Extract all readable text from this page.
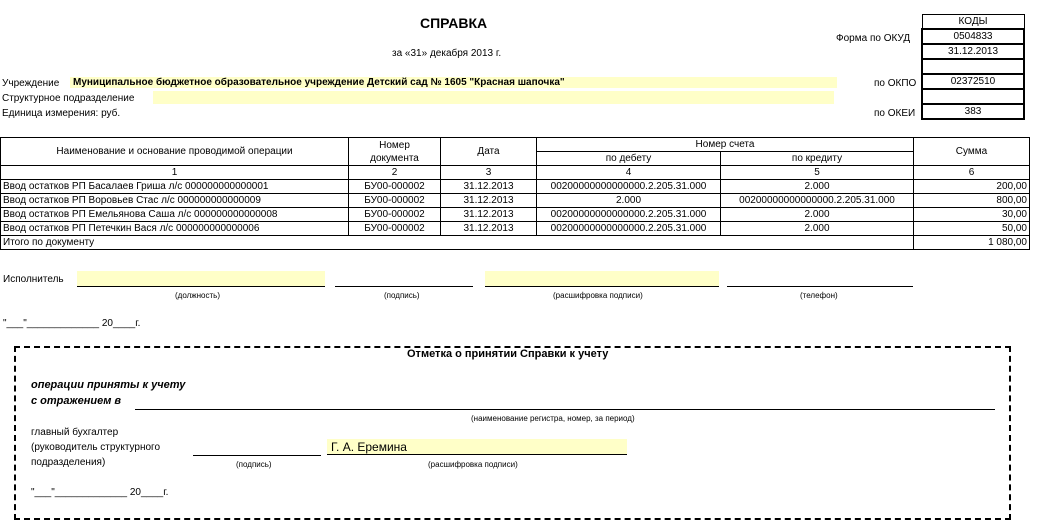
СПРАВКА
за «31» декабря 2013 г.
Форма по ОКУД
по ОКПО
по ОКЕИ
КОДЫ
0504833
31.12.2013

02372510

383
Учреждение	Муниципальное бюджетное образовательное учреждение Детский сад № 1605 "Красная шапочка"
Структурное подразделение
Единица измерения: руб.
Наименование и основание проводимой операции	Номер
документа	Дата	Номер счета		Сумма
			по дебету	по кредиту	
1	2	3	4	5	6
Ввод остатков РП Басалаев Гриша л/с 000000000000001	БУ00-000002	31.12.2013	00200000000000000.2.205.31.000	2.000	200,00
Ввод остатков РП Воровьев Стас л/с 000000000000009	БУ00-000002	31.12.2013	2.000	00200000000000000.2.205.31.000	800,00
Ввод остатков РП Емельянова Саша л/с 000000000000008	БУ00-000002	31.12.2013	00200000000000000.2.205.31.000	2.000	30,00
Ввод остатков РП Петечкин Вася л/с 000000000000006	БУ00-000002	31.12.2013	00200000000000000.2.205.31.000	2.000	50,00
Итого по документу					1 080,00
Исполнитель
(должность)	(подпись)	(расшифровка подписи)	(телефон)
"___"_____________ 20____г.
Отметка о принятии Справки к учету
операции приняты к учету
с отражением в
(наименование регистра, номер, за период)
главный бухгалтер
(руководитель структурного
подразделения)
Г. А. Еремина
(подпись)	(расшифровка подписи)
"___"_____________ 20____г.
